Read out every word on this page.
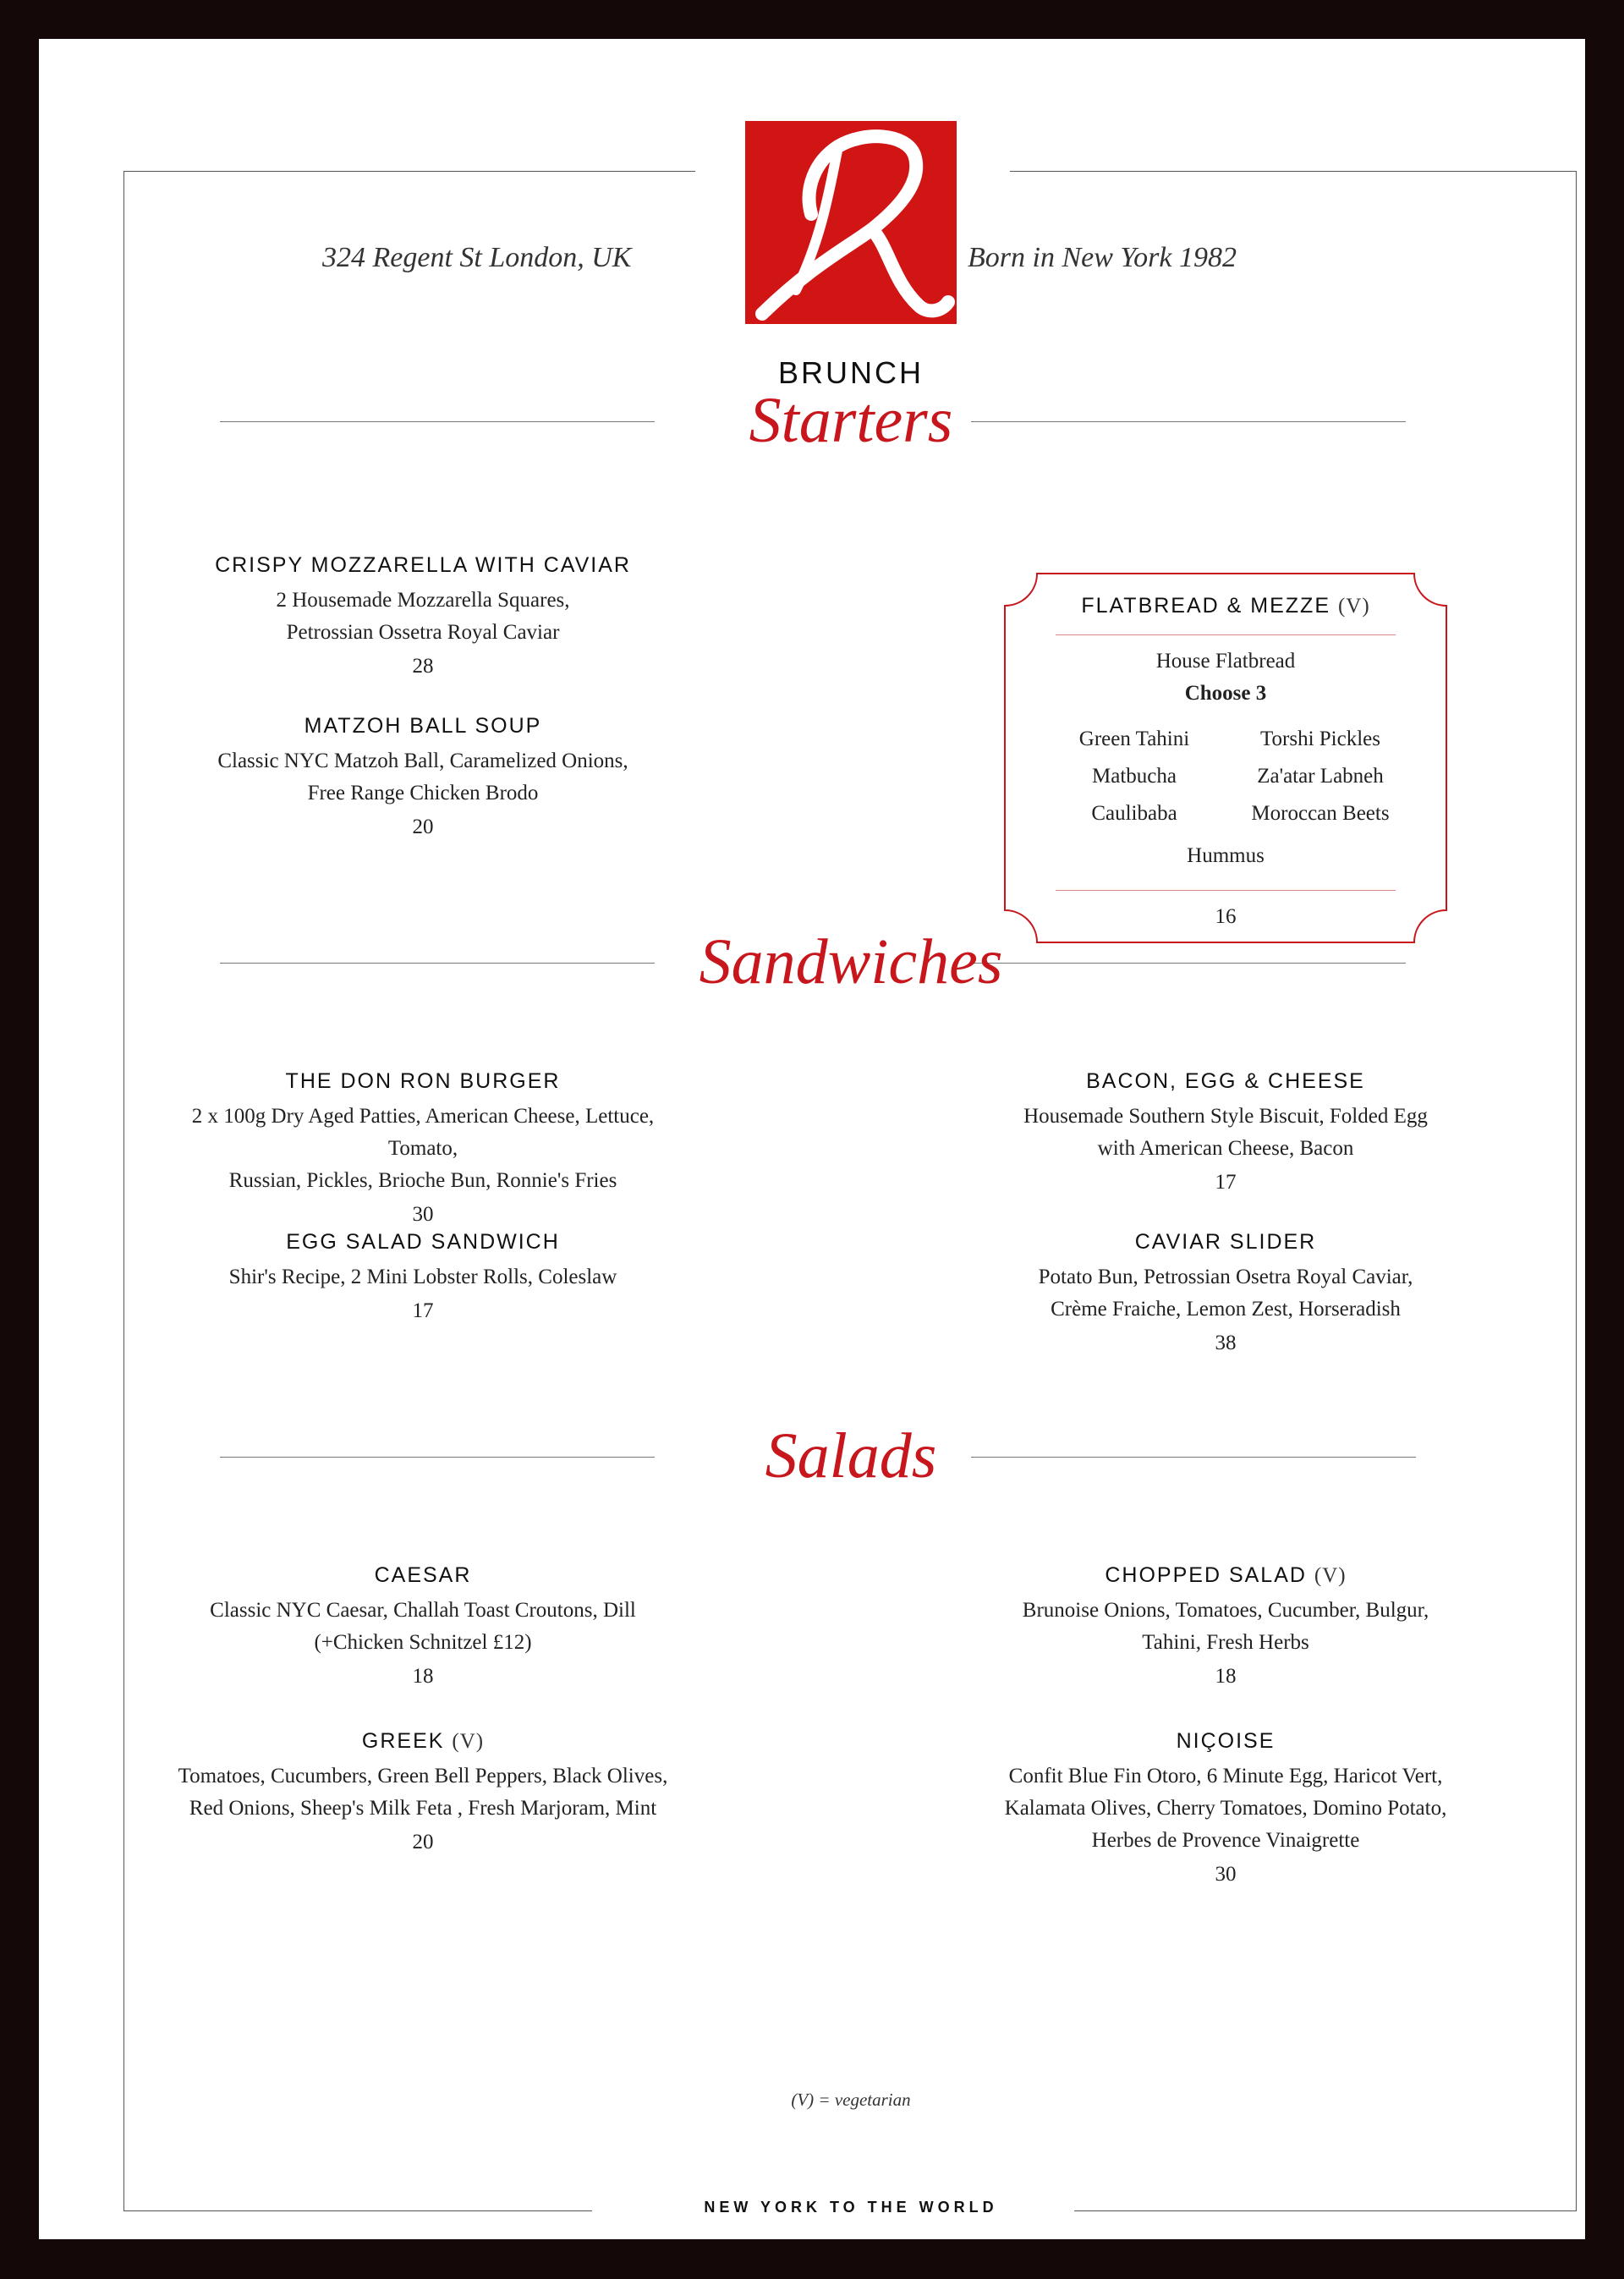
324 Regent St London, UK	Born in New York 1982
BRUNCH
Starters
CRISPY MOZZARELLA WITH CAVIAR
2 Housemade Mozzarella Squares,
Petrossian Ossetra Royal Caviar
28
MATZOH BALL SOUP
Classic NYC Matzoh Ball, Caramelized Onions,
Free Range Chicken Brodo
20
FLATBREAD & MEZZE (V)
House Flatbread
Choose 3
Green Tahini	Torshi Pickles
Matbucha	Za'atar Labneh
Caulibaba	Moroccan Beets
Hummus
16
Sandwiches
THE DON RON BURGER
2 x 100g Dry Aged Patties, American Cheese, Lettuce, Tomato,
Russian, Pickles, Brioche Bun, Ronnie's Fries
30
BACON, EGG & CHEESE
Housemade Southern Style Biscuit, Folded Egg
with American Cheese, Bacon
17
EGG SALAD SANDWICH
Shir's Recipe, 2 Mini Lobster Rolls, Coleslaw
17
CAVIAR SLIDER
Potato Bun, Petrossian Osetra Royal Caviar,
Crème Fraiche, Lemon Zest, Horseradish
38
Salads
CAESAR
Classic NYC Caesar, Challah Toast Croutons, Dill
(+Chicken Schnitzel £12)
18
CHOPPED SALAD (V)
Brunoise Onions, Tomatoes, Cucumber, Bulgur,
Tahini, Fresh Herbs
18
GREEK (V)
Tomatoes, Cucumbers, Green Bell Peppers, Black Olives,
Red Onions, Sheep's Milk Feta , Fresh Marjoram, Mint
20
NIÇOISE
Confit Blue Fin Otoro, 6 Minute Egg, Haricot Vert,
Kalamata Olives, Cherry Tomatoes, Domino Potato,
Herbes de Provence Vinaigrette
30
(V) = vegetarian
NEW YORK TO THE WORLD
